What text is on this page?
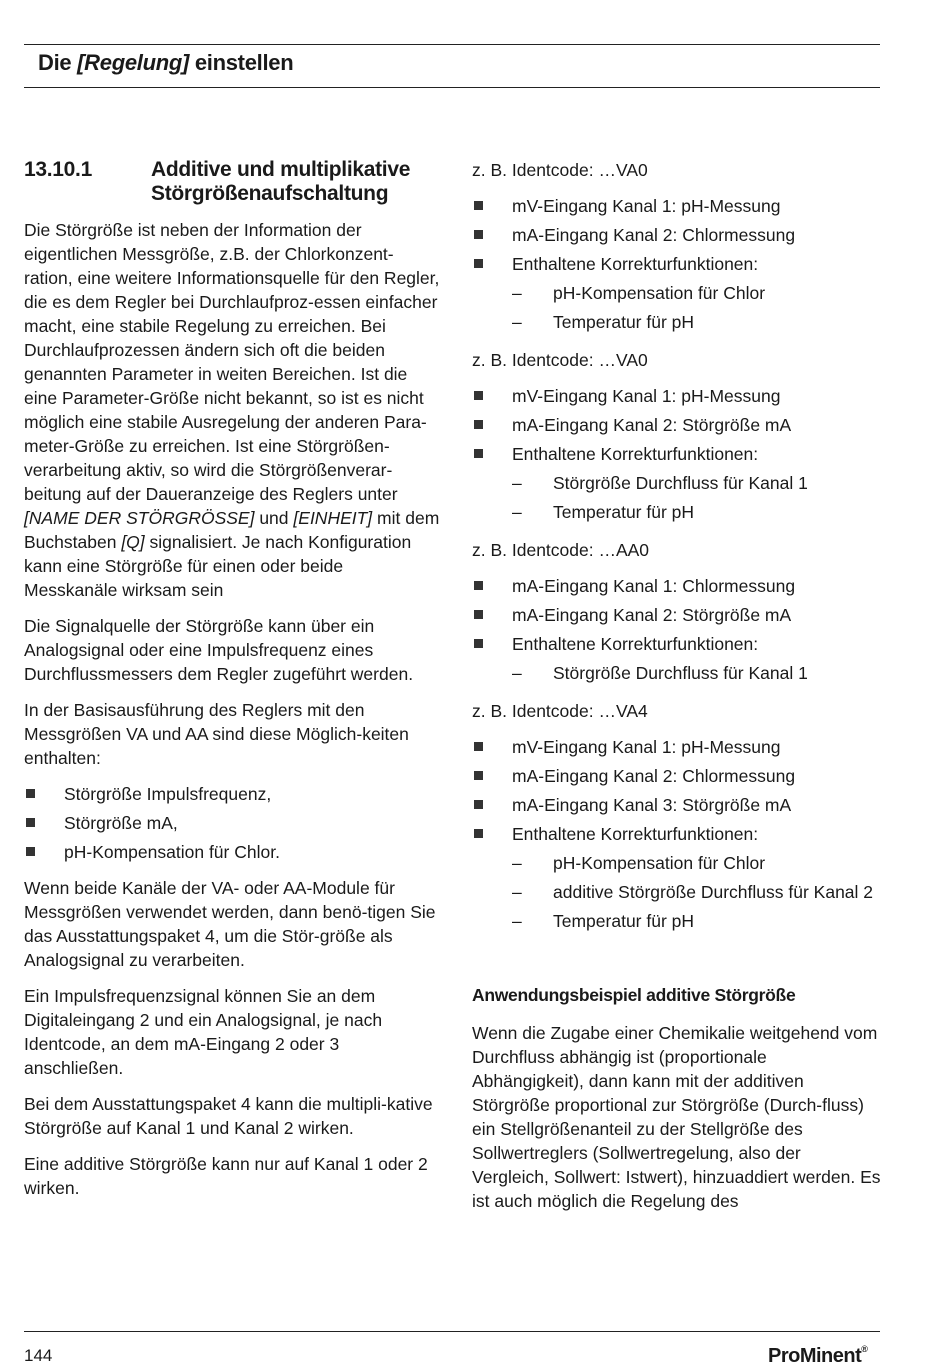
Die [Regelung] einstellen
13.10.1	Additive und multiplikative Störgrößenaufschaltung

Die Störgröße ist neben der Information der eigentlichen Messgröße, z.B. der Chlorkonzent-ration, eine weitere Informationsquelle für den Regler, die es dem Regler bei Durchlaufproz-essen einfacher macht, eine stabile Regelung zu erreichen. Bei Durchlaufprozessen ändern sich oft die beiden genannten Parameter in weiten Bereichen. Ist die eine Parameter-Größe nicht bekannt, so ist es nicht möglich eine stabile Ausregelung der anderen Para-meter-Größe zu erreichen. Ist eine Störgrößen-verarbeitung aktiv, so wird die Störgrößenverar-beitung auf der Daueranzeige des Reglers unter [NAME DER STÖRGRÖSSE] und [EINHEIT] mit dem Buchstaben [Q] signalisiert. Je nach Konfiguration kann eine Störgröße für einen oder beide Messkanäle wirksam sein

Die Signalquelle der Störgröße kann über ein Analogsignal oder eine Impulsfrequenz eines Durchflussmessers dem Regler zugeführt werden.

In der Basisausführung des Reglers mit den Messgrößen VA und AA sind diese Möglich-keiten enthalten:

Störgröße Impulsfrequenz,
Störgröße mA,
pH-Kompensation für Chlor.

Wenn beide Kanäle der VA- oder AA-Module für Messgrößen verwendet werden, dann benö-tigen Sie das Ausstattungspaket 4, um die Stör-größe als Analogsignal zu verarbeiten.

Ein Impulsfrequenzsignal können Sie an dem Digitaleingang 2 und ein Analogsignal, je nach Identcode, an dem mA-Eingang 2 oder 3 anschließen.

Bei dem Ausstattungspaket 4 kann die multipli-kative Störgröße auf Kanal 1 und Kanal 2 wirken.

Eine additive Störgröße kann nur auf Kanal 1 oder 2 wirken.

z. B. Identcode: …VA0

mV-Eingang Kanal 1: pH-Messung
mA-Eingang Kanal 2: Chlormessung
Enthaltene Korrekturfunktionen:
– pH-Kompensation für Chlor
– Temperatur für pH

z. B. Identcode: …VA0

mV-Eingang Kanal 1: pH-Messung
mA-Eingang Kanal 2: Störgröße mA
Enthaltene Korrekturfunktionen:
– Störgröße Durchfluss für Kanal 1
– Temperatur für pH

z. B. Identcode: …AA0

mA-Eingang Kanal 1: Chlormessung
mA-Eingang Kanal 2: Störgröße mA
Enthaltene Korrekturfunktionen:
– Störgröße Durchfluss für Kanal 1

z. B. Identcode: …VA4

mV-Eingang Kanal 1: pH-Messung
mA-Eingang Kanal 2: Chlormessung
mA-Eingang Kanal 3: Störgröße mA
Enthaltene Korrekturfunktionen:
– pH-Kompensation für Chlor
– additive Störgröße Durchfluss für Kanal 2
– Temperatur für pH
Anwendungsbeispiel additive Störgröße

Wenn die Zugabe einer Chemikalie weitgehend vom Durchfluss abhängig ist (proportionale Abhängigkeit), dann kann mit der additiven Störgröße proportional zur Störgröße (Durch-fluss) ein Stellgrößenanteil zu der Stellgröße des Sollwertreglers (Sollwertregelung, also der Vergleich, Sollwert: Istwert), hinzuaddiert werden. Es ist auch möglich die Regelung des

144	ProMinent®
